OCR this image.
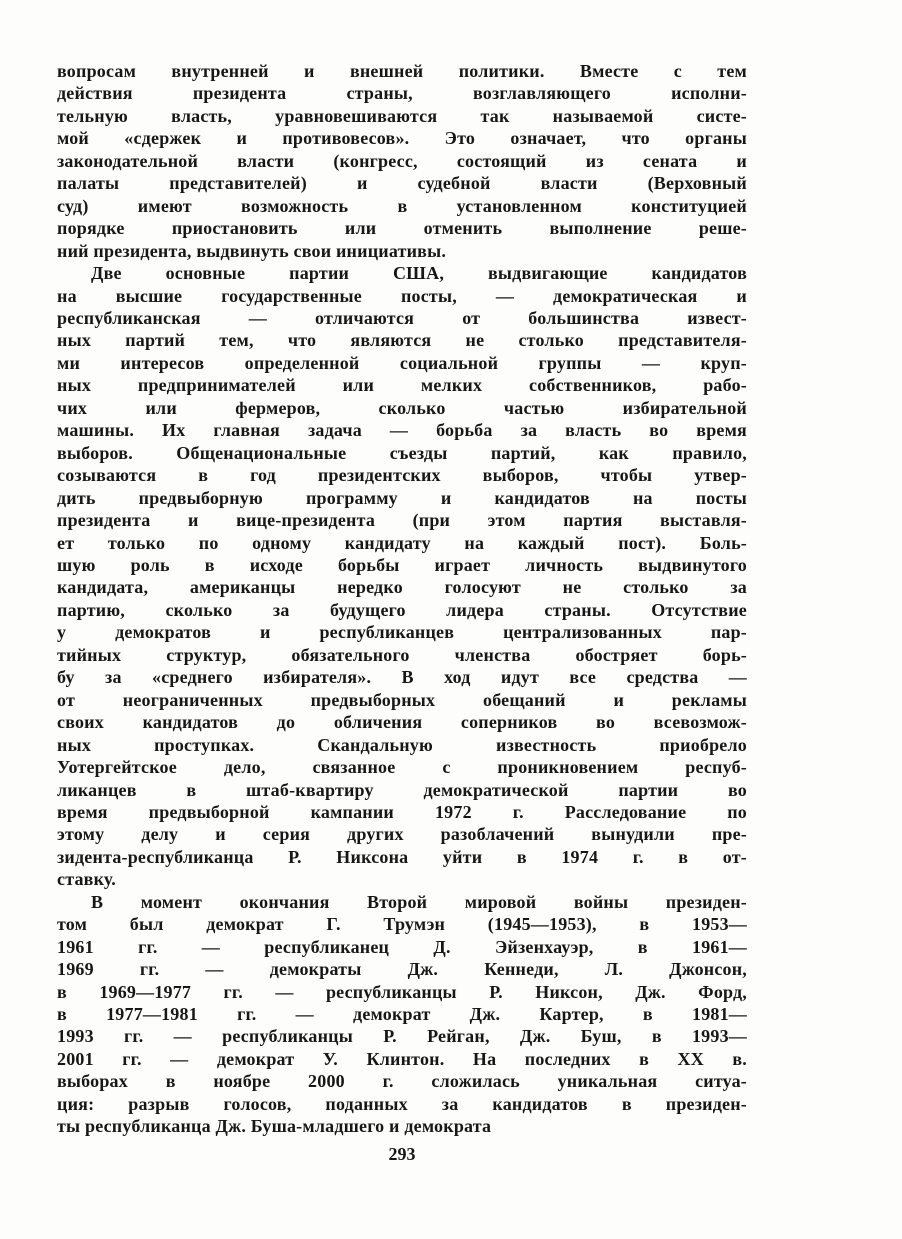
вопросам внутренней и внешней политики. Вместе с тем
действия президента страны, возглавляющего исполни-
тельную власть, уравновешиваются так называемой систе-
мой «сдержек и противовесов». Это означает, что органы
законодательной власти (конгресс, состоящий из сената и
палаты представителей) и судебной власти (Верховный
суд) имеют возможность в установленном конституцией
порядке приостановить или отменить выполнение реше-
ний президента, выдвинуть свои инициативы.

Две основные партии США, выдвигающие кандидатов
на высшие государственные посты, — демократическая и
республиканская — отличаются от большинства извест-
ных партий тем, что являются не столько представителя-
ми интересов определенной социальной группы — круп-
ных предпринимателей или мелких собственников, рабо-
чих или фермеров, сколько частью избирательной
машины. Их главная задача — борьба за власть во время
выборов. Общенациональные съезды партий, как правило,
созываются в год президентских выборов, чтобы утвер-
дить предвыборную программу и кандидатов на посты
президента и вице-президента (при этом партия выставля-
ет только по одному кандидату на каждый пост). Боль-
шую роль в исходе борьбы играет личность выдвинутого
кандидата, американцы нередко голосуют не столько за
партию, сколько за будущего лидера страны. Отсутствие
у демократов и республиканцев централизованных пар-
тийных структур, обязательного членства обостряет борь-
бу за «среднего избирателя». В ход идут все средства —
от неограниченных предвыборных обещаний и рекламы
своих кандидатов до обличения соперников во всевозмож-
ных проступках. Скандальную известность приобрело
Уотергейтское дело, связанное с проникновением респуб-
ликанцев в штаб-квартиру демократической партии во
время предвыборной кампании 1972 г. Расследование по
этому делу и серия других разоблачений вынудили пре-
зидента-республиканца Р. Никсона уйти в 1974 г. в от-
ставку.

В момент окончания Второй мировой войны президен-
том был демократ Г. Трумэн (1945—1953), в 1953—
1961 гг. — республиканец Д. Эйзенхауэр, в 1961—
1969 гг. — демократы Дж. Кеннеди, Л. Джонсон,
в 1969—1977 гг. — республиканцы Р. Никсон, Дж. Форд,
в 1977—1981 гг. — демократ Дж. Картер, в 1981—
1993 гг. — республиканцы Р. Рейган, Дж. Буш, в 1993—
2001 гг. — демократ У. Клинтон. На последних в XX в.
выборах в ноябре 2000 г. сложилась уникальная ситуа-
ция: разрыв голосов, поданных за кандидатов в президен-
ты республиканца Дж. Буша-младшего и демократа

293
